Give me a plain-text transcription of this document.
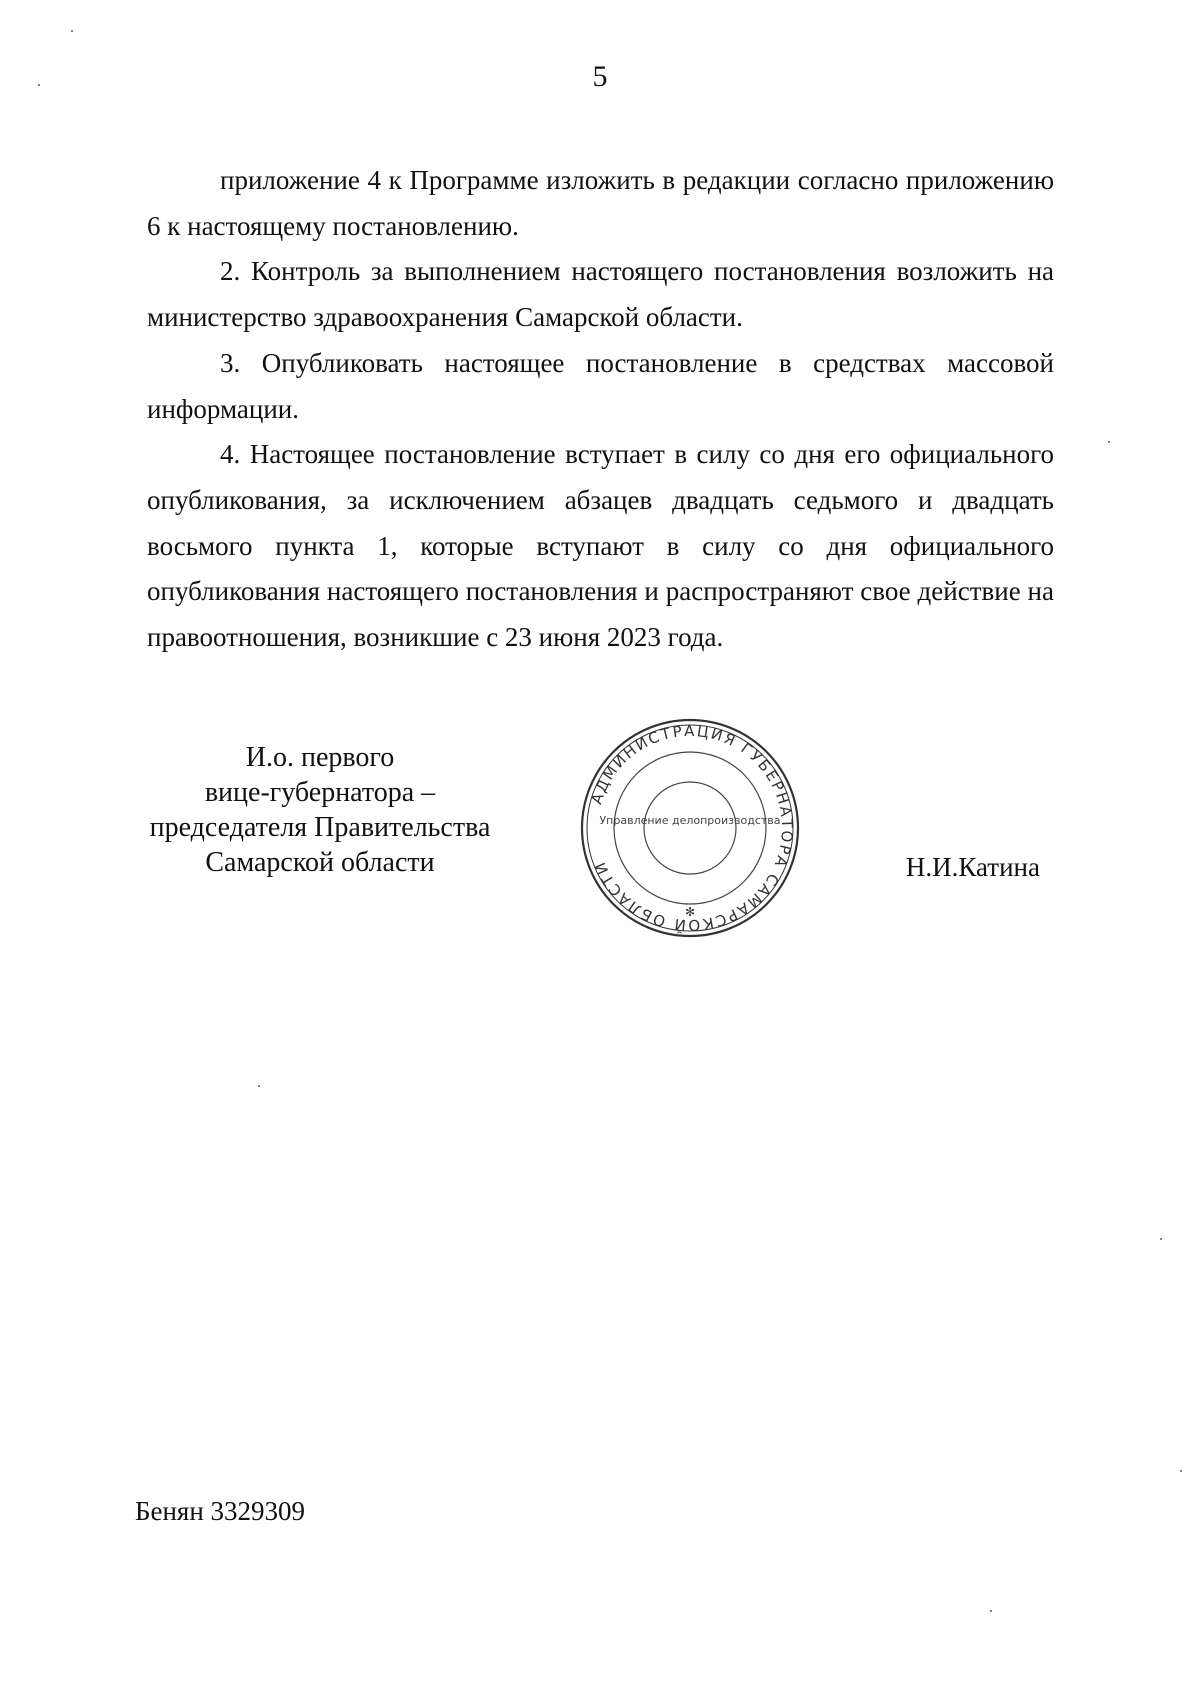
5

приложение 4 к Программе изложить в редакции согласно приложению 6 к настоящему постановлению.

2. Контроль за выполнением настоящего постановления возложить на министерство здравоохранения Самарской области.

3. Опубликовать настоящее постановление в средствах массовой информации.

4. Настоящее постановление вступает в силу со дня его официального опубликования, за исключением абзацев двадцать седьмого и двадцать восьмого пункта 1, которые вступают в силу со дня официального опубликования настоящего постановления и распространяют свое действие на правоотношения, возникшие с 23 июня 2023 года.

И.о. первого
вице-губернатора –
председателя Правительства
Самарской области
АДМИНИСТРАЦИЯ ГУБЕРНАТОРА САМАРСКОЙ ОБЛАСТИ
Управление делопроизводства
✻
Н.И.Катина
Бенян 3329309
